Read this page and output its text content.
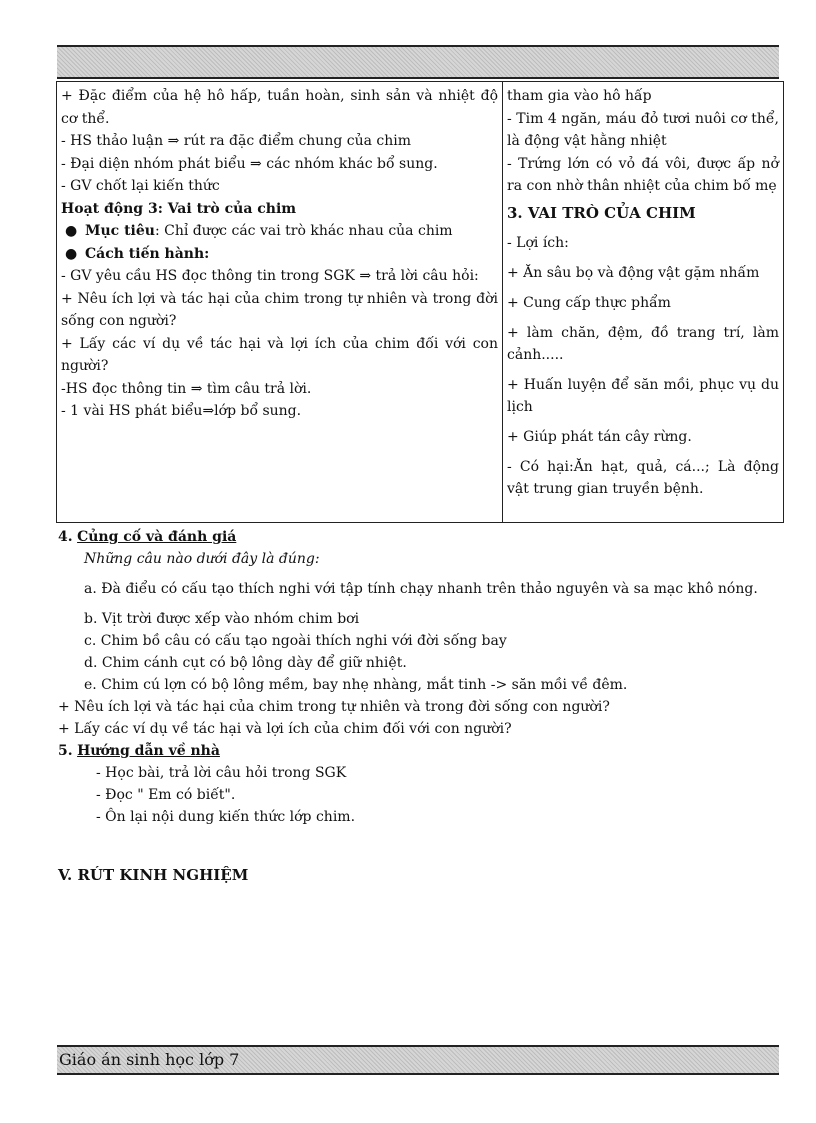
+ Đặc điểm của hệ hô hấp, tuần hoàn, sinh sản và nhiệt độ cơ thể.
- HS thảo luận ⇒ rút ra đặc điểm chung của chim
- Đại diện nhóm phát biểu ⇒ các nhóm khác bổ sung.
- GV chốt lại kiến thức
Hoạt động 3: Vai trò của chim
● Mục tiêu: Chỉ được các vai trò khác nhau của chim
● Cách tiến hành:
- GV yêu cầu HS đọc thông tin trong SGK ⇒ trả lời câu hỏi:
+ Nêu ích lợi và tác hại của chim trong tự nhiên và trong đời sống con người?
+ Lấy các ví dụ về tác hại và lợi ích của chim đối với con người?
-HS đọc thông tin ⇒ tìm câu trả lời.
- 1 vài HS phát biểu⇒lớp bổ sung.

tham gia vào hô hấp
- Tim 4 ngăn, máu đỏ tươi nuôi cơ thể, là động vật hằng nhiệt
- Trứng lớn có vỏ đá vôi, được ấp nở ra con nhờ thân nhiệt của chim bố mẹ
3. VAI TRÒ CỦA CHIM
- Lợi ích:
+ Ăn sâu bọ và động vật gặm nhấm
+ Cung cấp thực phẩm
+ làm chăn, đệm, đồ trang trí, làm cảnh.....
+ Huấn luyện để săn mồi, phục vụ du lịch
+ Giúp phát tán cây rừng.
- Có hại:Ăn hạt, quả, cá...; Là động vật trung gian truyền bệnh.
4. Củng cố và đánh giá
Những câu nào dưới đây là đúng:
a. Đà điểu có cấu tạo thích nghi với tập tính chạy nhanh trên thảo nguyên và sa mạc khô nóng.
b. Vịt trời được xếp vào nhóm chim bơi
c. Chim bồ câu có cấu tạo ngoài thích nghi với đời sống bay
d. Chim cánh cụt có bộ lông dày để giữ nhiệt.
e. Chim cú lợn có bộ lông mềm, bay nhẹ nhàng, mắt tinh -> săn mồi về đêm.
+ Nêu ích lợi và tác hại của chim trong tự nhiên và trong đời sống con người?
+ Lấy các ví dụ về tác hại và lợi ích của chim đối với con người?
5. Hướng dẫn về nhà
- Học bài, trả lời câu hỏi trong SGK
- Đọc " Em có biết".
- Ôn lại nội dung kiến thức lớp chim.
V. RÚT KINH NGHIỆM
Giáo án sinh học lớp 7
